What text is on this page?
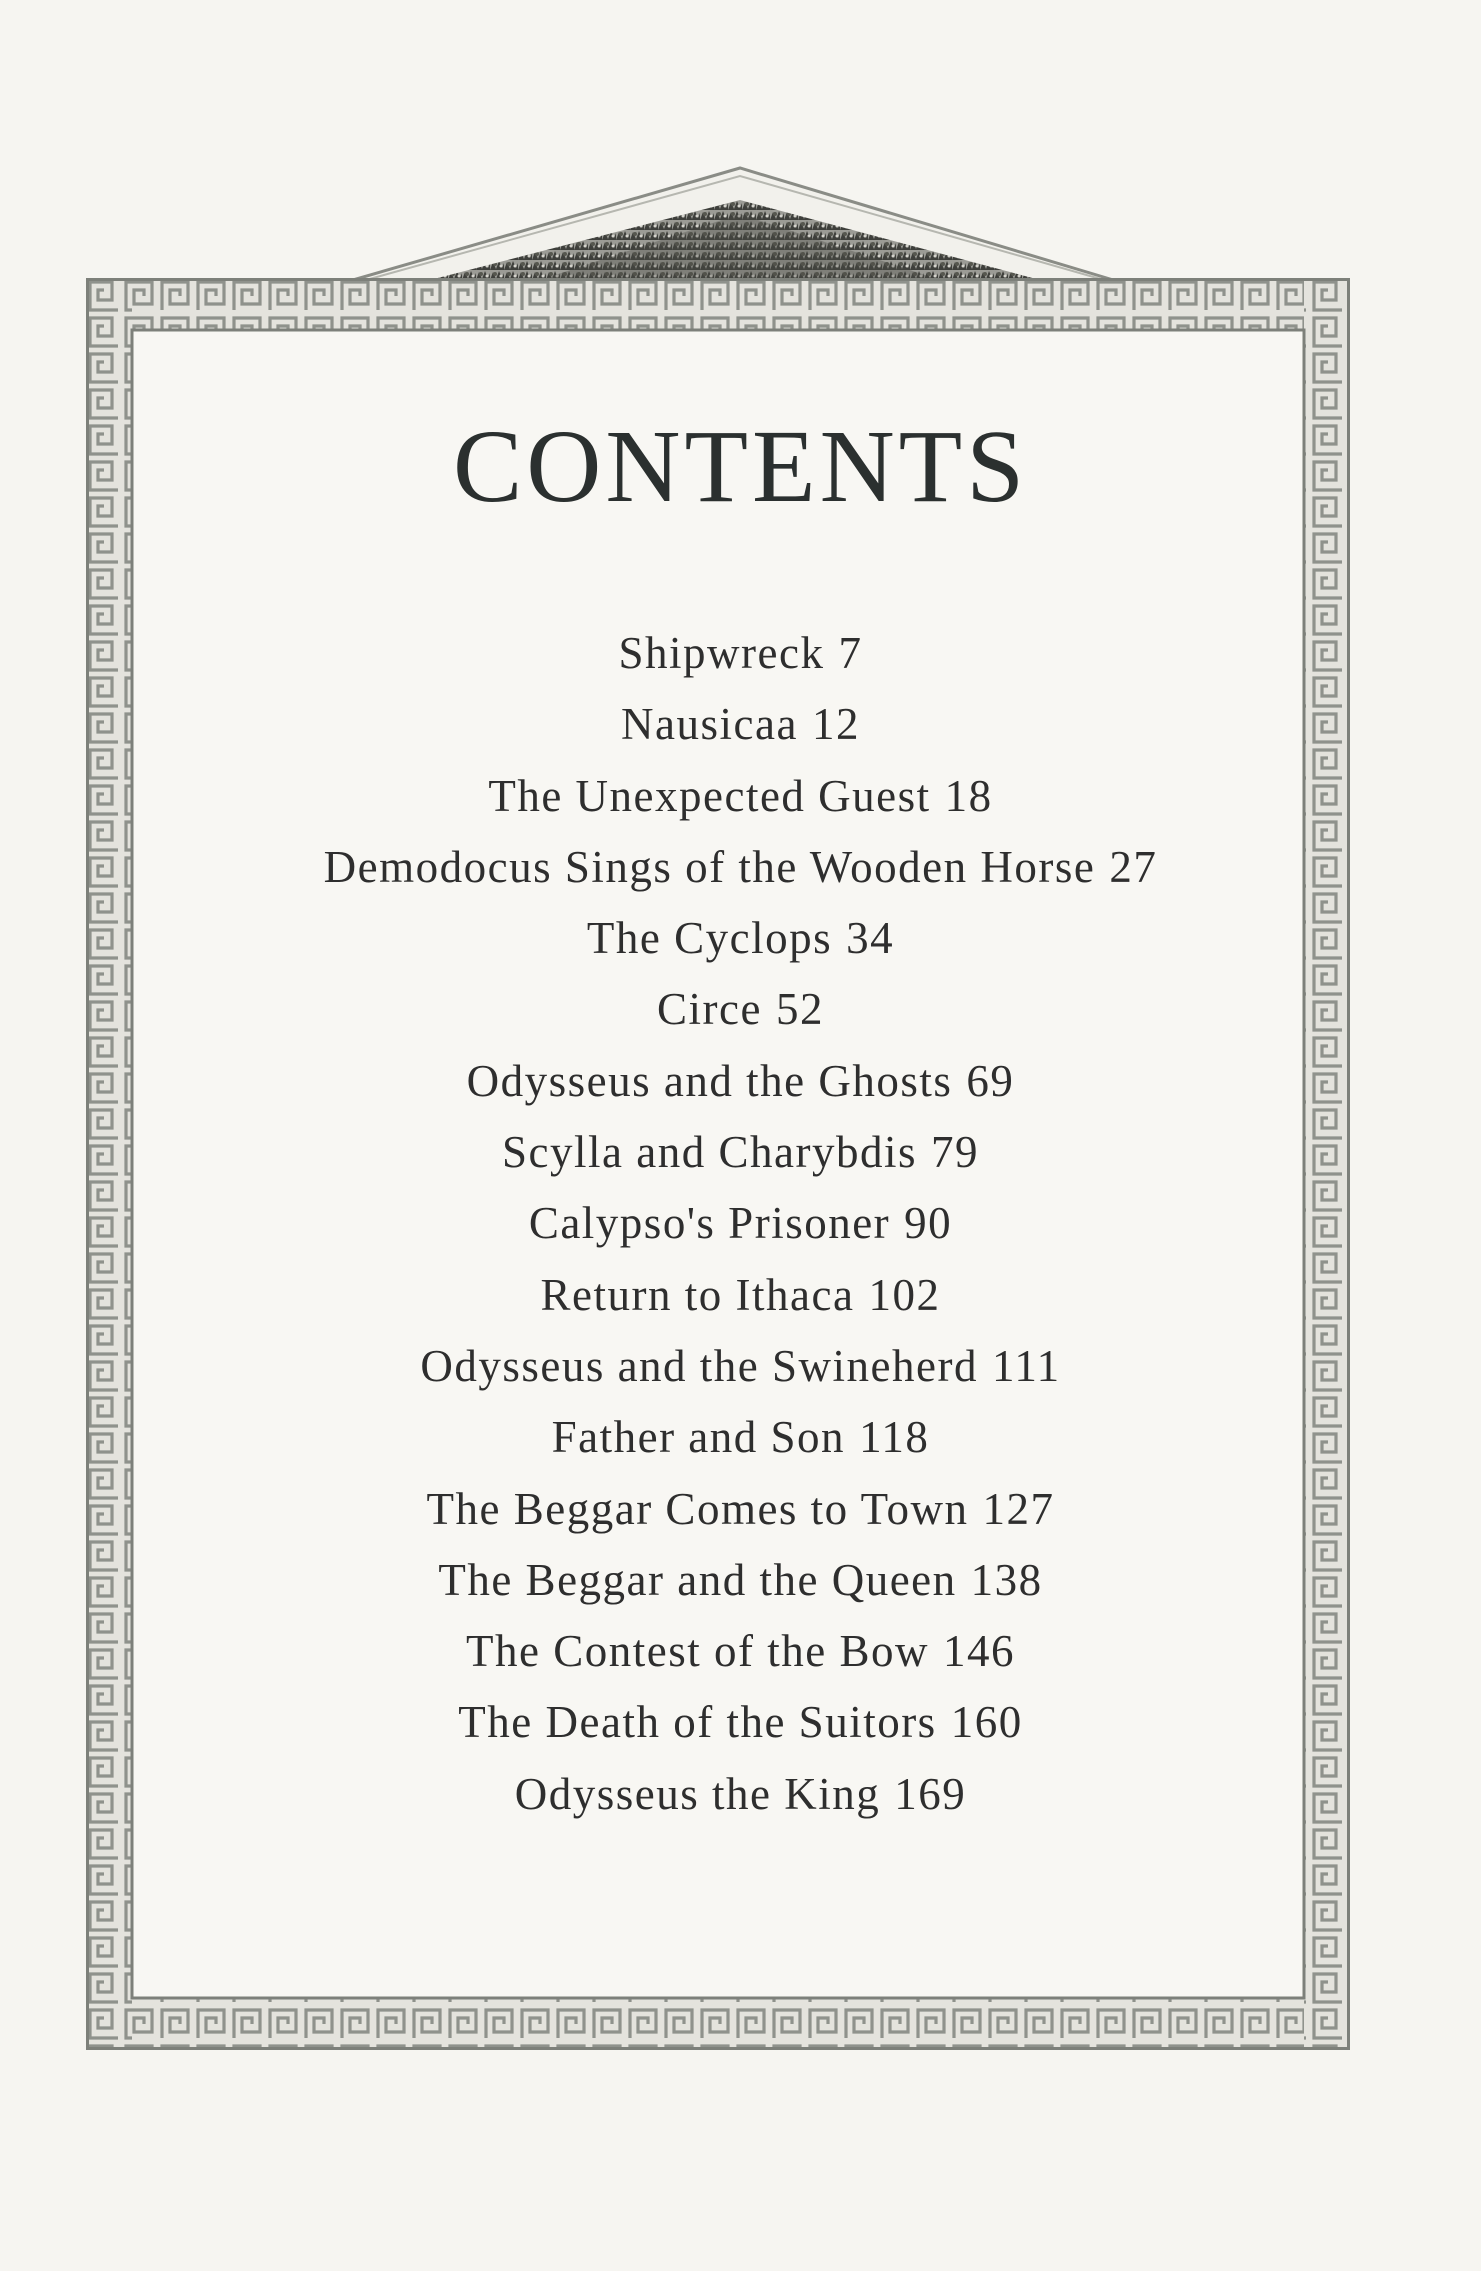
CONTENTS
Shipwreck 7
Nausicaa 12
The Unexpected Guest 18
Demodocus Sings of the Wooden Horse 27
The Cyclops 34
Circe 52
Odysseus and the Ghosts 69
Scylla and Charybdis 79
Calypso's Prisoner 90
Return to Ithaca 102
Odysseus and the Swineherd 111
Father and Son 118
The Beggar Comes to Town 127
The Beggar and the Queen 138
The Contest of the Bow 146
The Death of the Suitors 160
Odysseus the King 169
